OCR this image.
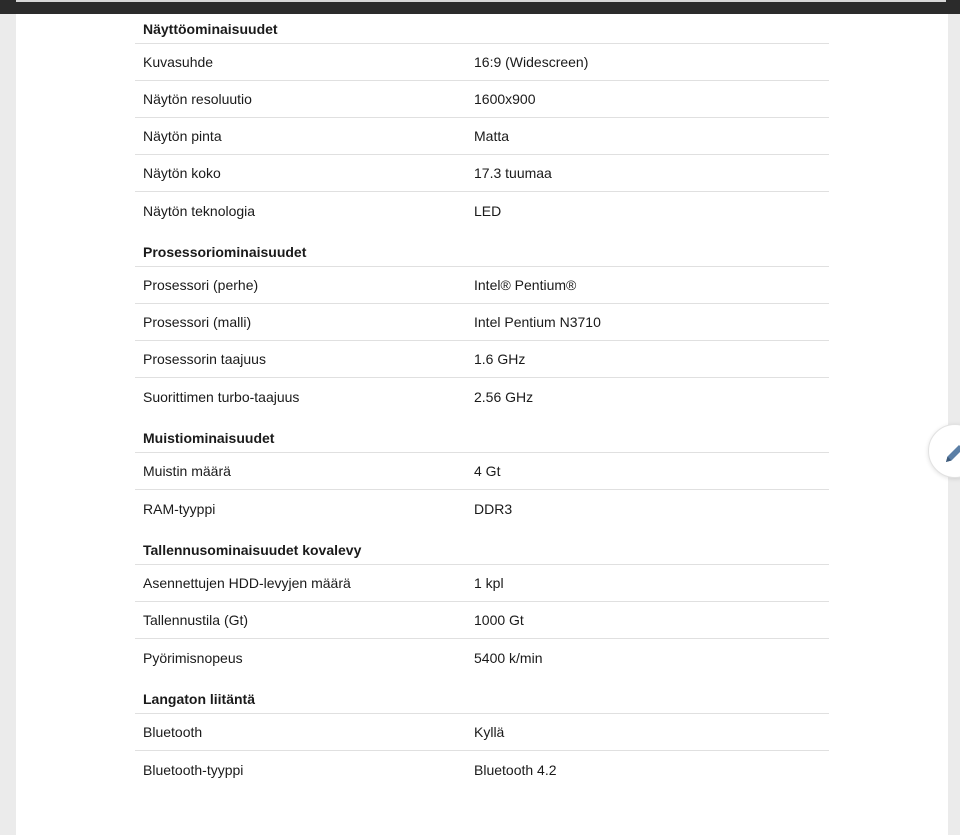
Näyttöominaisuudet
Kuvasuhde	16:9 (Widescreen)
Näytön resoluutio	1600x900
Näytön pinta	Matta
Näytön koko	17.3 tuumaa
Näytön teknologia	LED
Prosessoriominaisuudet
Prosessori (perhe)	Intel® Pentium®
Prosessori (malli)	Intel Pentium N3710
Prosessorin taajuus	1.6 GHz
Suorittimen turbo-taajuus	2.56 GHz
Muistiominaisuudet
Muistin määrä	4 Gt
RAM-tyyppi	DDR3
Tallennusominaisuudet kovalevy
Asennettujen HDD-levyjen määrä	1 kpl
Tallennustila (Gt)	1000 Gt
Pyörimisnopeus	5400 k/min
Langaton liitäntä
Bluetooth	Kyllä
Bluetooth-tyyppi	Bluetooth 4.2
